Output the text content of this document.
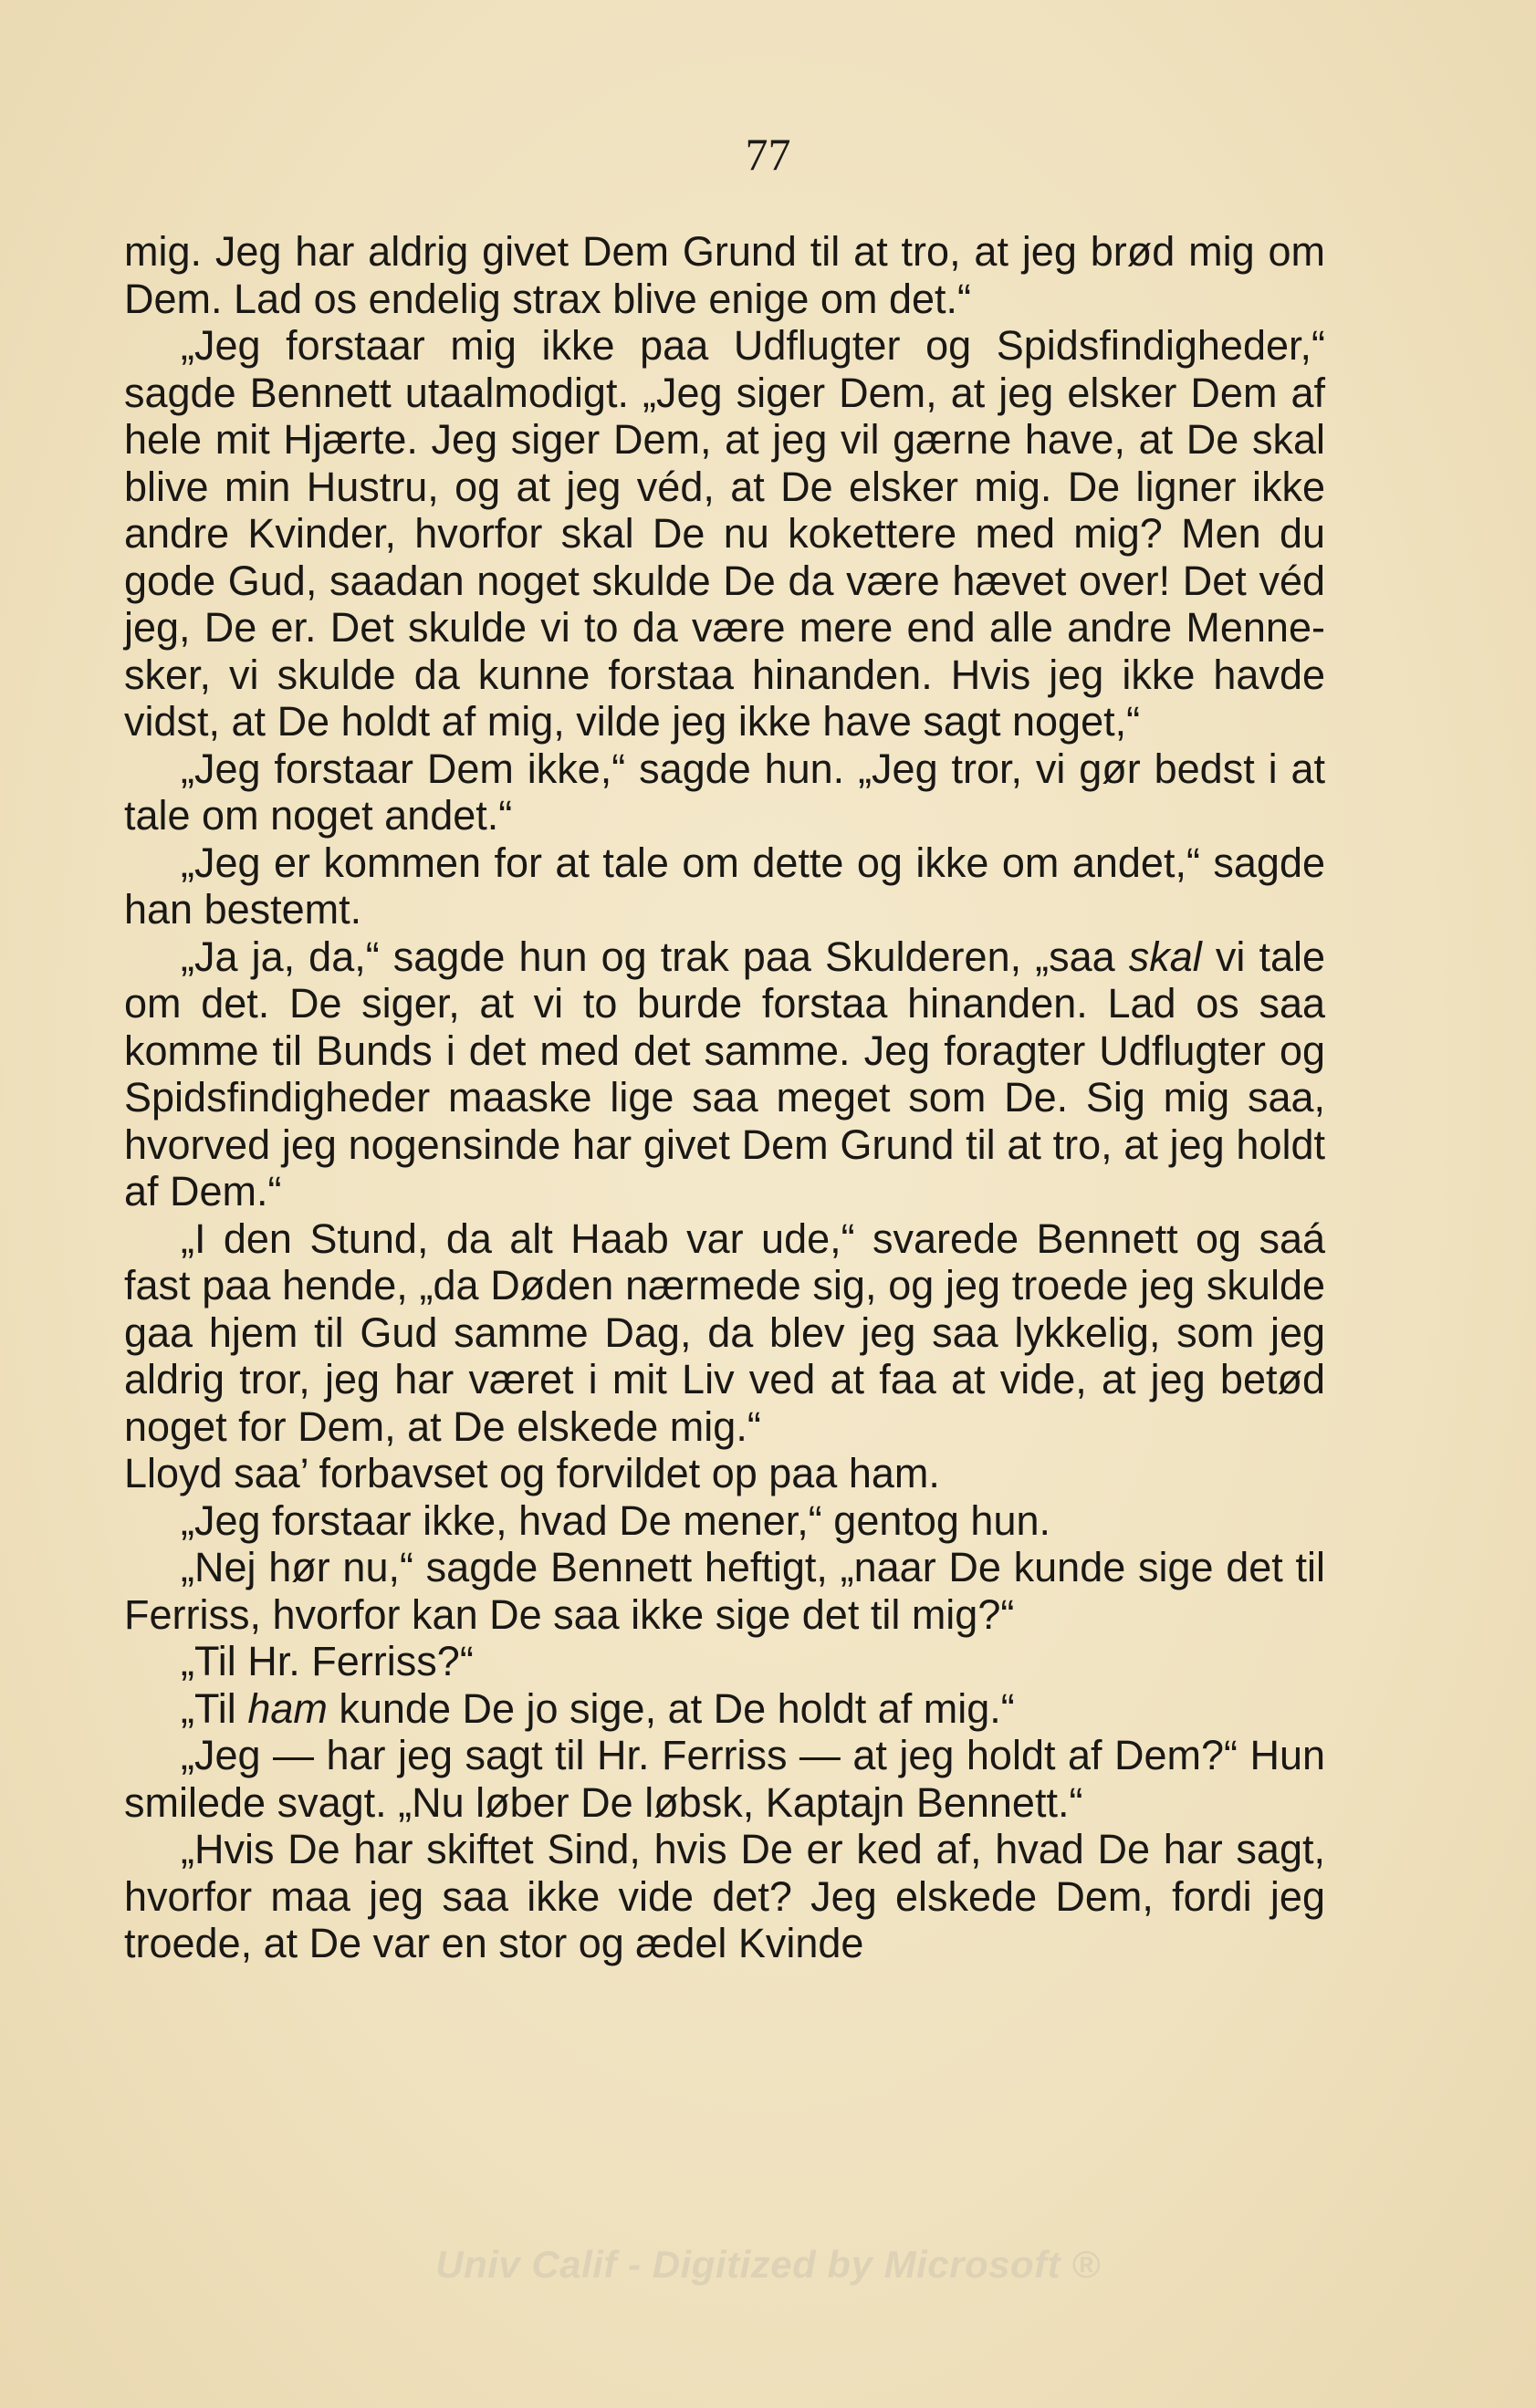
77

mig. Jeg har aldrig givet Dem Grund til at tro, at jeg brød mig om Dem. Lad os endelig strax blive enige om det.“

„Jeg forstaar mig ikke paa Udflugter og Spidsfindigheder,“ sagde Bennett utaalmodigt. „Jeg siger Dem, at jeg elsker Dem af hele mit Hjærte. Jeg siger Dem, at jeg vil gærne have, at De skal blive min Hustru, og at jeg véd, at De elsker mig. De ligner ikke andre Kvinder, hvorfor skal De nu kokettere med mig? Men du gode Gud, saadan noget skulde De da være hævet over! Det véd jeg, De er. Det skulde vi to da være mere end alle andre Mennesker, vi skulde da kunne forstaa hinanden. Hvis jeg ikke havde vidst, at De holdt af mig, vilde jeg ikke have sagt noget,“

„Jeg forstaar Dem ikke,“ sagde hun. „Jeg tror, vi gør bedst i at tale om noget andet.“

„Jeg er kommen for at tale om dette og ikke om andet,“ sagde han bestemt.

„Ja ja, da,“ sagde hun og trak paa Skulderen, „saa skal vi tale om det. De siger, at vi to burde forstaa hinanden. Lad os saa komme til Bunds i det med det samme. Jeg foragter Udflugter og Spidsfindigheder maaske lige saa meget som De. Sig mig saa, hvorved jeg nogensinde har givet Dem Grund til at tro, at jeg holdt af Dem.“

„I den Stund, da alt Haab var ude,“ svarede Bennett og saá fast paa hende, „da Døden nærmede sig, og jeg troede jeg skulde gaa hjem til Gud samme Dag, da blev jeg saa lykkelig, som jeg aldrig tror, jeg har været i mit Liv ved at faa at vide, at jeg betød noget for Dem, at De elskede mig.“

Lloyd saa’ forbavset og forvildet op paa ham.

„Jeg forstaar ikke, hvad De mener,“ gentog hun.

„Nej hør nu,“ sagde Bennett heftigt, „naar De kunde sige det til Ferriss, hvorfor kan De saa ikke sige det til mig?“

„Til Hr. Ferriss?“

„Til ham kunde De jo sige, at De holdt af mig.“

„Jeg — har jeg sagt til Hr. Ferriss — at jeg holdt af Dem?“ Hun smilede svagt. „Nu løber De løbsk, Kaptajn Bennett.“

„Hvis De har skiftet Sind, hvis De er ked af, hvad De har sagt, hvorfor maa jeg saa ikke vide det? Jeg elskede Dem, fordi jeg troede, at De var en stor og ædel Kvinde

Univ Calif - Digitized by Microsoft ®
